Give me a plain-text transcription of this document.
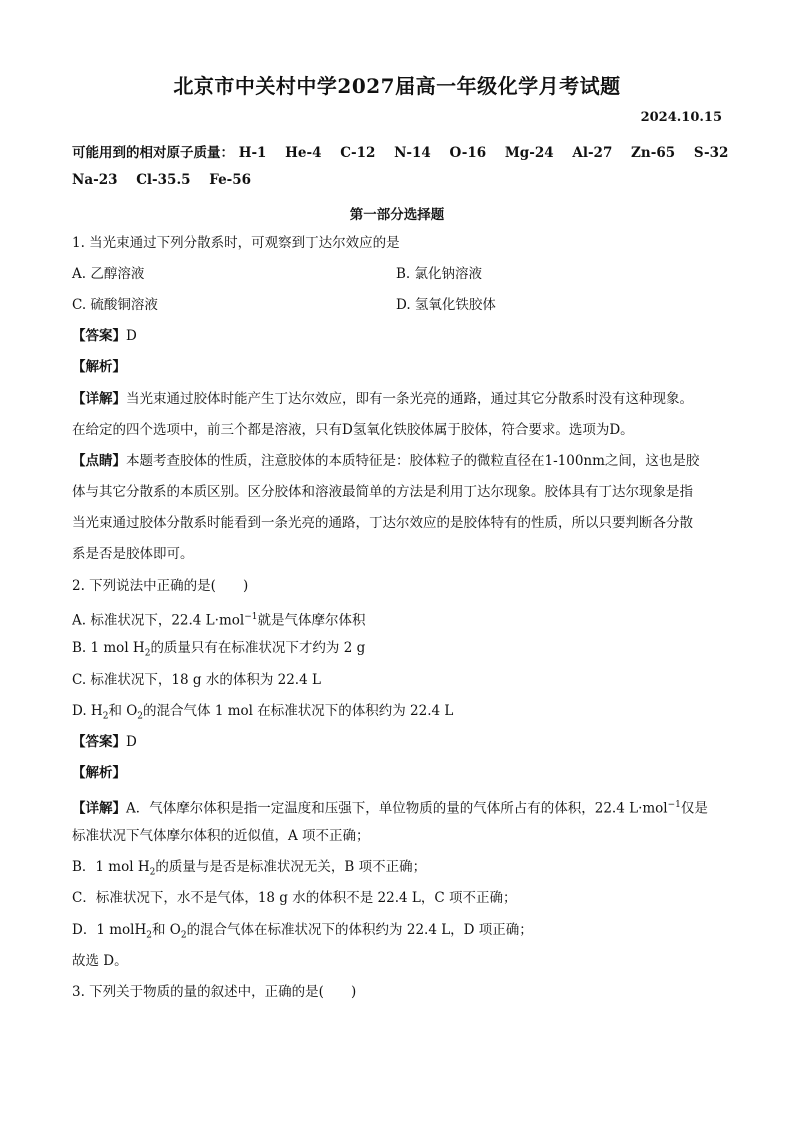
北京市中关村中学2027届高一年级化学月考试题
2024.10.15
可能用到的相对原子质量： H-1 He-4 C-12 N-14 O-16 Mg-24 Al-27 Zn-65 S-32
Na-23 Cl-35.5 Fe-56
第一部分选择题
1. 当光束通过下列分散系时，可观察到丁达尔效应的是
A. 乙醇溶液	B. 氯化钠溶液
C. 硫酸铜溶液	D. 氢氧化铁胶体
【答案】D
【解析】
【详解】当光束通过胶体时能产生丁达尔效应，即有一条光亮的通路，通过其它分散系时没有这种现象。
在给定的四个选项中，前三个都是溶液，只有D氢氧化铁胶体属于胶体，符合要求。选项为D。
【点睛】本题考查胶体的性质，注意胶体的本质特征是：胶体粒子的微粒直径在1-100nm之间，这也是胶
体与其它分散系的本质区别。区分胶体和溶液最简单的方法是利用丁达尔现象。胶体具有丁达尔现象是指
当光束通过胶体分散系时能看到一条光亮的通路，丁达尔效应的是胶体特有的性质，所以只要判断各分散
系是否是胶体即可。
2. 下列说法中正确的是(　　)
A. 标准状况下，22.4 L·mol$^{-1}$就是气体摩尔体积
B. 1 mol $H_2$的质量只有在标准状况下才约为 2 g
C. 标准状况下，18 g 水的体积为 22.4 L
D. $H_2$和 $O_2$的混合气体 1 mol 在标准状况下的体积约为 22.4 L
【答案】D
【解析】
【详解】A．气体摩尔体积是指一定温度和压强下，单位物质的量的气体所占有的体积，22.4 L·mol$^{-1}$仅是
标准状况下气体摩尔体积的近似值，A 项不正确；
B．1 mol $H_2$的质量与是否是标准状况无关，B 项不正确；
C．标准状况下，水不是气体，18 g 水的体积不是 22.4 L，C 项不正确；
D．1 molH$_2$和 $O_2$的混合气体在标准状况下的体积约为 22.4 L，D 项正确；
故选 D。
3. 下列关于物质的量的叙述中，正确的是(　　)
